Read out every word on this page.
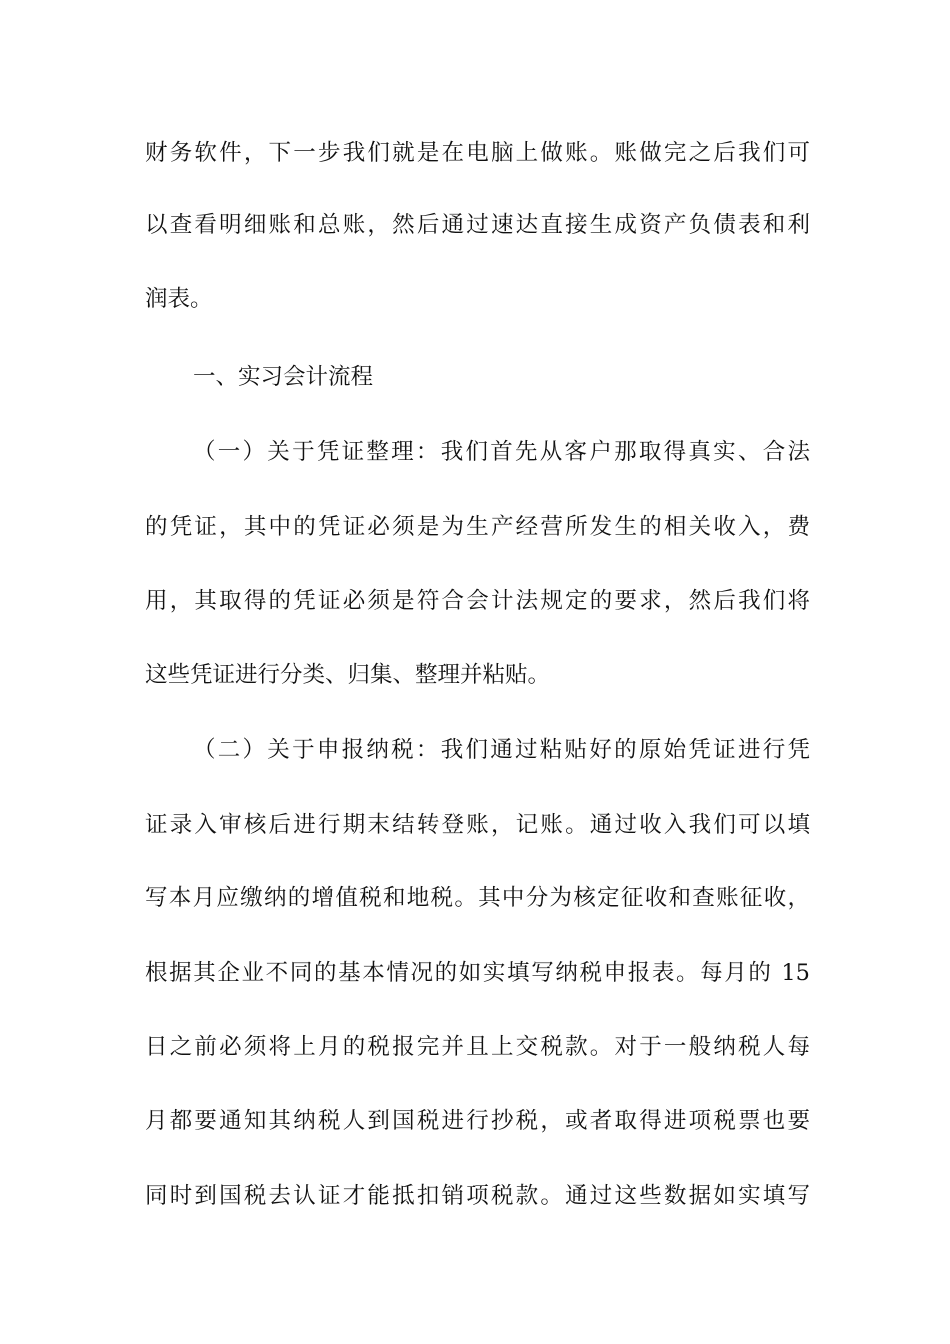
财务软件，下一步我们就是在电脑上做账。账做完之后我们可
以查看明细账和总账，然后通过速达直接生成资产负债表和利
润表。
一、实习会计流程
（一）关于凭证整理：我们首先从客户那取得真实、合法
的凭证，其中的凭证必须是为生产经营所发生的相关收入，费
用，其取得的凭证必须是符合会计法规定的要求，然后我们将
这些凭证进行分类、归集、整理并粘贴。
（二）关于申报纳税：我们通过粘贴好的原始凭证进行凭
证录入审核后进行期末结转登账，记账。通过收入我们可以填
写本月应缴纳的增值税和地税。其中分为核定征收和查账征收，
根据其企业不同的基本情况的如实填写纳税申报表。每月的 15
日之前必须将上月的税报完并且上交税款。对于一般纳税人每
月都要通知其纳税人到国税进行抄税，或者取得进项税票也要
同时到国税去认证才能抵扣销项税款。通过这些数据如实填写
